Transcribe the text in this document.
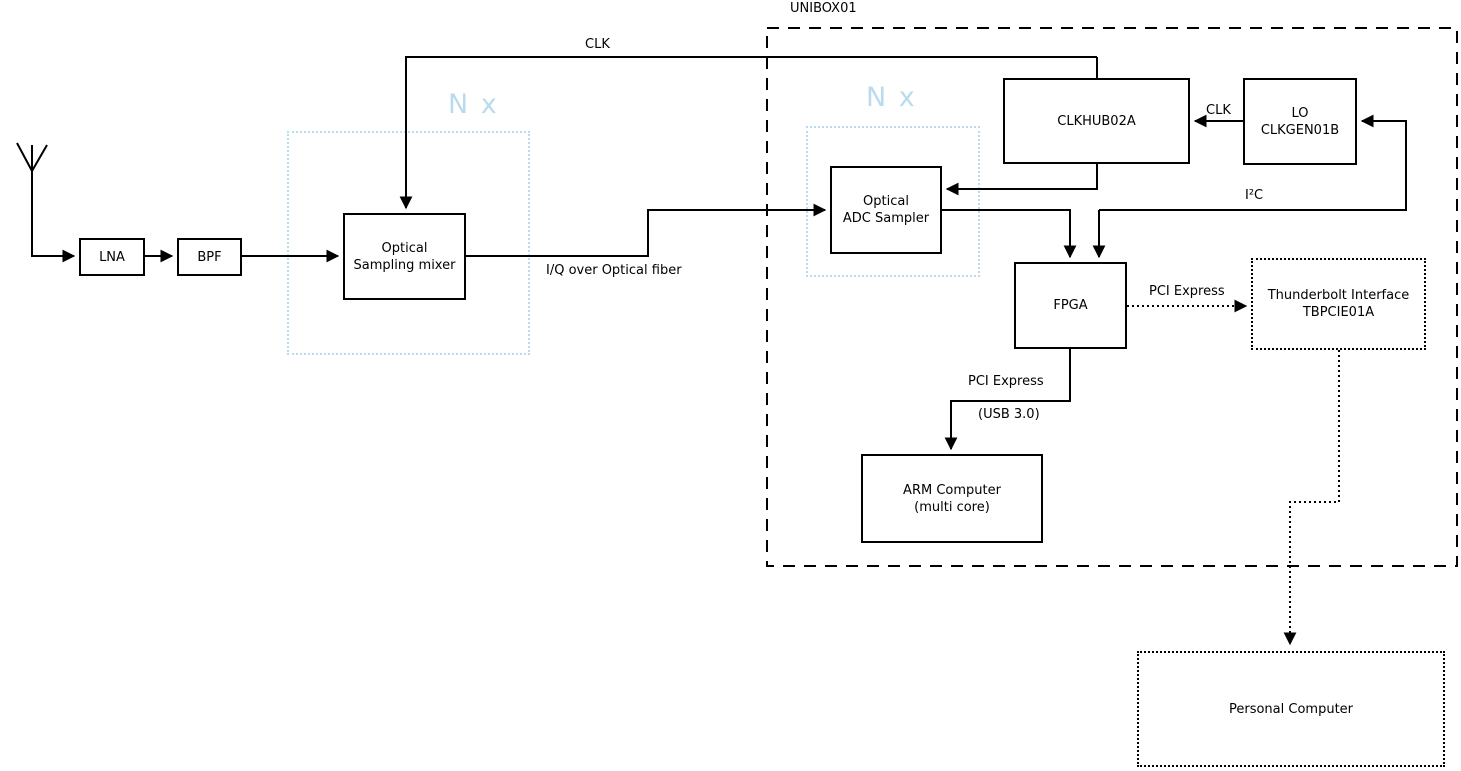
LNA	BPF
Optical
Sampling mixer
Optical
ADC Sampler
CLKHUB02A
LO
CLKGEN01B
FPGA
ARM Computer
(multi core)
Thunderbolt Interface
TBPCIE01A
Personal Computer
UNIBOX01
N x	N x
CLK
CLK
I²C
I/Q over Optical fiber
PCI Express
PCI Express
(USB 3.0)
